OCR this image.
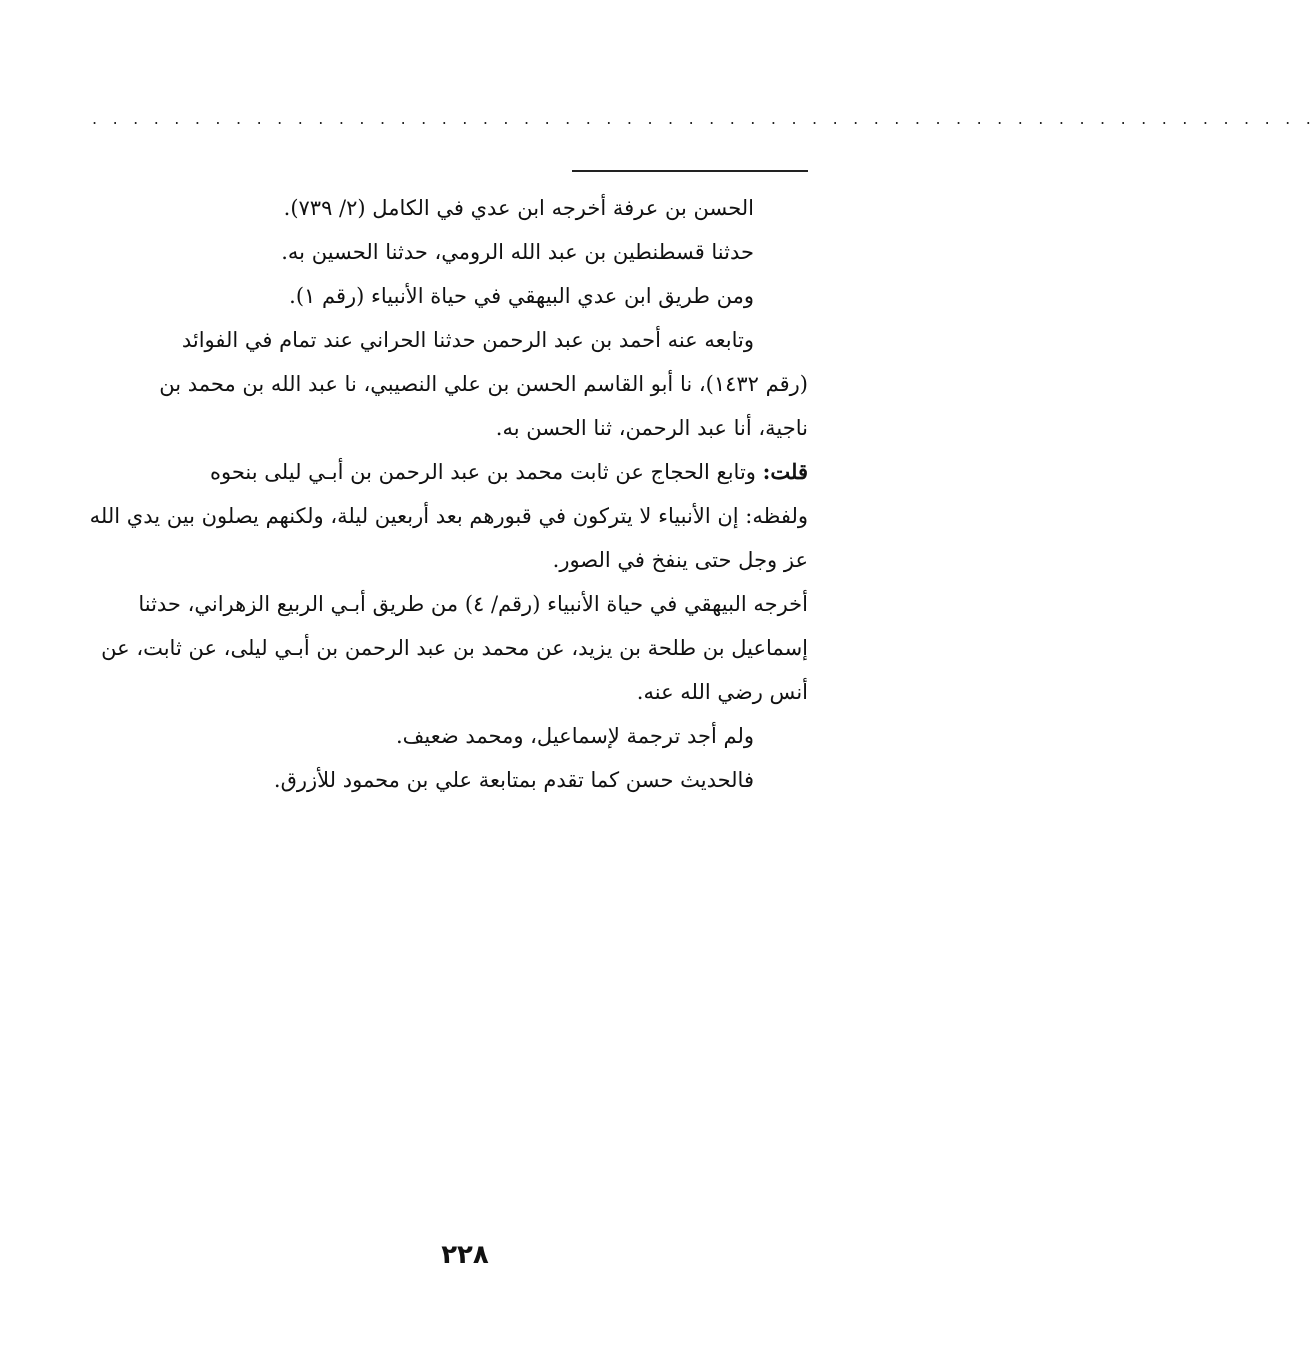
. . . . . . . . . . . . . . . . . . . . . . . . . . . . . . . . . . . . . . . . . . . . . . . . . . . . . . . . . . . .

الحسن بن عرفة أخرجه ابن عدي في الكامل (٢/ ٧٣٩).

حدثنا قسطنطين بن عبد الله الرومي، حدثنا الحسين به.

ومن طريق ابن عدي البيهقي في حياة الأنبياء (رقم ١).

وتابعه عنه أحمد بن عبد الرحمن حدثنا الحراني عند تمام في الفوائد

(رقم ١٤٣٢)، نا أبو القاسم الحسن بن علي النصيبي، نا عبد الله بن محمد بن

ناجية، أنا عبد الرحمن، ثنا الحسن به.

قلت: وتابع الحجاج عن ثابت محمد بن عبد الرحمن بن أبـي ليلى بنحوه

ولفظه: إن الأنبياء لا يتركون في قبورهم بعد أربعين ليلة، ولكنهم يصلون بين يدي الله

عز وجل حتى ينفخ في الصور.

أخرجه البيهقي في حياة الأنبياء (رقم/ ٤) من طريق أبـي الربيع الزهراني، حدثنا

إسماعيل بن طلحة بن يزيد، عن محمد بن عبد الرحمن بن أبـي ليلى، عن ثابت، عن

أنس رضي الله عنه.

ولم أجد ترجمة لإسماعيل، ومحمد ضعيف.

فالحديث حسن كما تقدم بمتابعة علي بن محمود للأزرق.

٢٢٨
